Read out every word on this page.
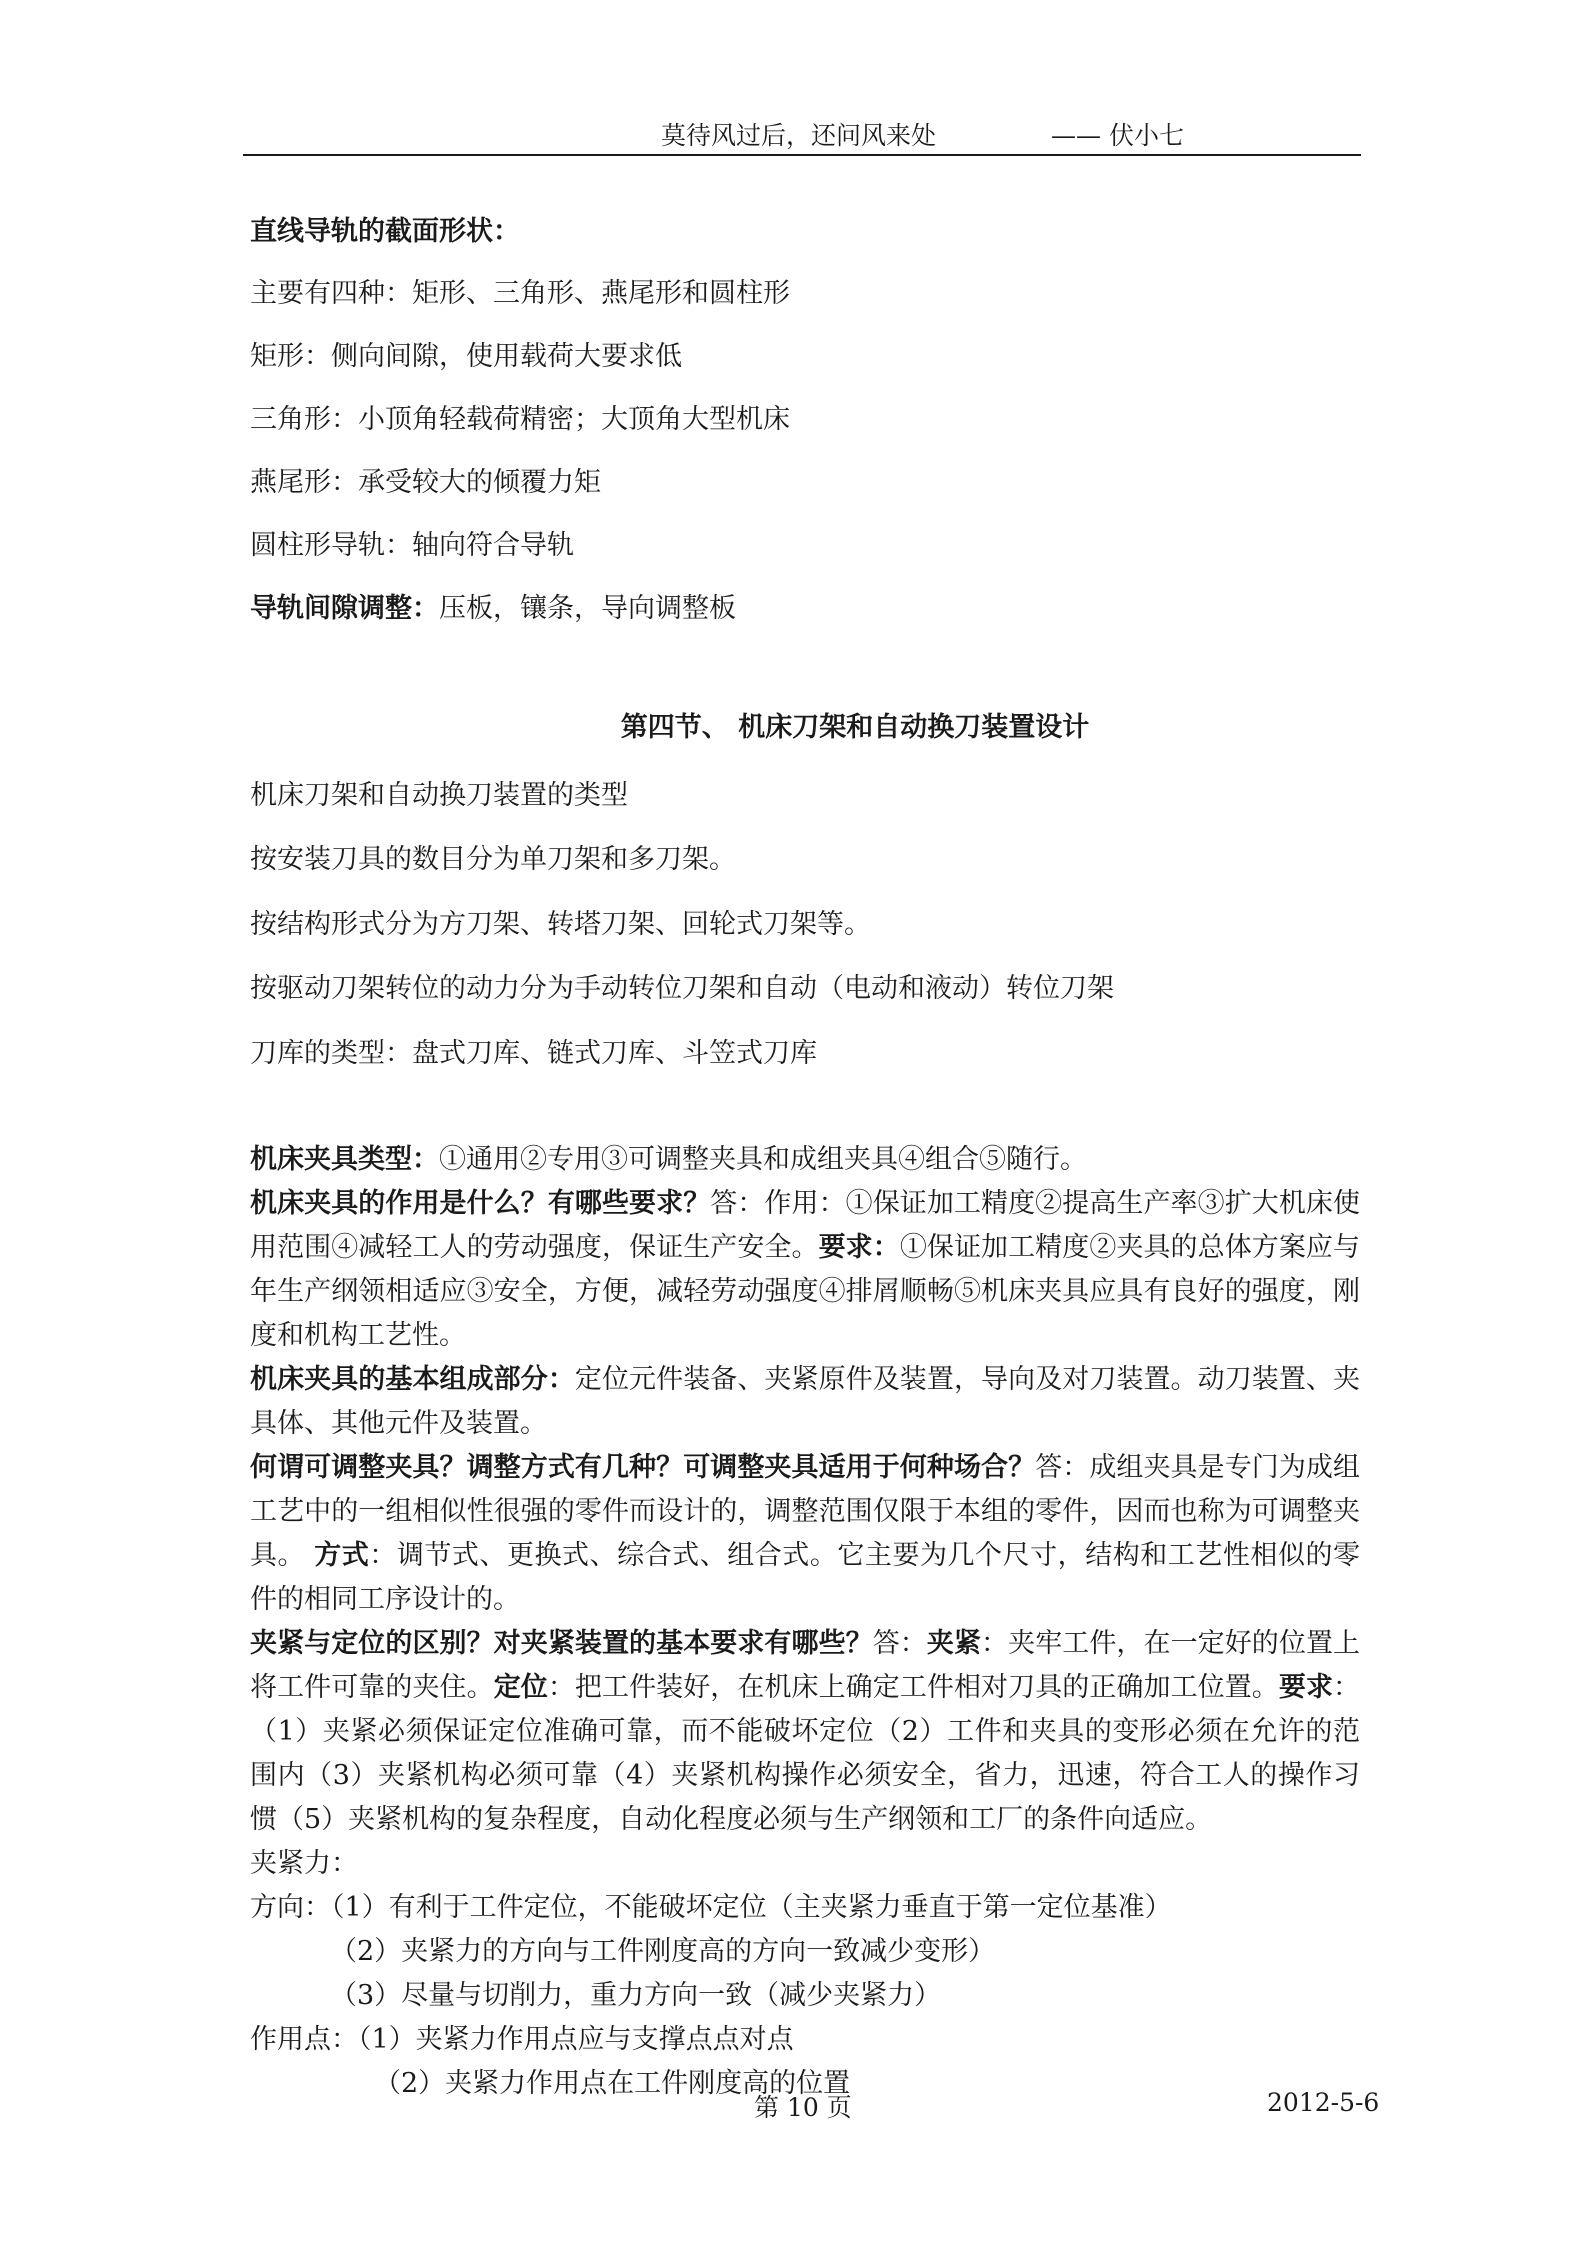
莫待风过后，还问风来处	—— 伏小七
直线导轨的截面形状：
主要有四种：矩形、三角形、燕尾形和圆柱形
矩形：侧向间隙，使用载荷大要求低
三角形：小顶角轻载荷精密；大顶角大型机床
燕尾形：承受较大的倾覆力矩
圆柱形导轨：轴向符合导轨
导轨间隙调整：压板，镶条，导向调整板
第四节、 机床刀架和自动换刀装置设计
机床刀架和自动换刀装置的类型
按安装刀具的数目分为单刀架和多刀架。
按结构形式分为方刀架、转塔刀架、回轮式刀架等。
按驱动刀架转位的动力分为手动转位刀架和自动（电动和液动）转位刀架
刀库的类型：盘式刀库、链式刀库、斗笠式刀库

机床夹具类型：①通用②专用③可调整夹具和成组夹具④组合⑤随行。

机床夹具的作用是什么？有哪些要求？答：作用：①保证加工精度②提高生产率③扩大机床使用范围④减轻工人的劳动强度，保证生产安全。要求：①保证加工精度②夹具的总体方案应与年生产纲领相适应③安全，方便，减轻劳动强度④排屑顺畅⑤机床夹具应具有良好的强度，刚度和机构工艺性。

机床夹具的基本组成部分：定位元件装备、夹紧原件及装置，导向及对刀装置。动刀装置、夹具体、其他元件及装置。

何谓可调整夹具？调整方式有几种？可调整夹具适用于何种场合？答：成组夹具是专门为成组工艺中的一组相似性很强的零件而设计的，调整范围仅限于本组的零件，因而也称为可调整夹具。 方式：调节式、更换式、综合式、组合式。它主要为几个尺寸，结构和工艺性相似的零件的相同工序设计的。

夹紧与定位的区别？对夹紧装置的基本要求有哪些？答：夹紧：夹牢工件，在一定好的位置上将工件可靠的夹住。定位：把工件装好，在机床上确定工件相对刀具的正确加工位置。要求：（1）夹紧必须保证定位准确可靠，而不能破坏定位（2）工件和夹具的变形必须在允许的范围内（3）夹紧机构必须可靠（4）夹紧机构操作必须安全，省力，迅速，符合工人的操作习惯（5）夹紧机构的复杂程度，自动化程度必须与生产纲领和工厂的条件向适应。

夹紧力：

方向：（1）有利于工件定位，不能破坏定位（主夹紧力垂直于第一定位基准）

（2）夹紧力的方向与工件刚度高的方向一致减少变形）

（3）尽量与切削力，重力方向一致（减少夹紧力）

作用点：（1）夹紧力作用点应与支撑点点对点

（2）夹紧力作用点在工件刚度高的位置

第 10 页	2012-5-6
